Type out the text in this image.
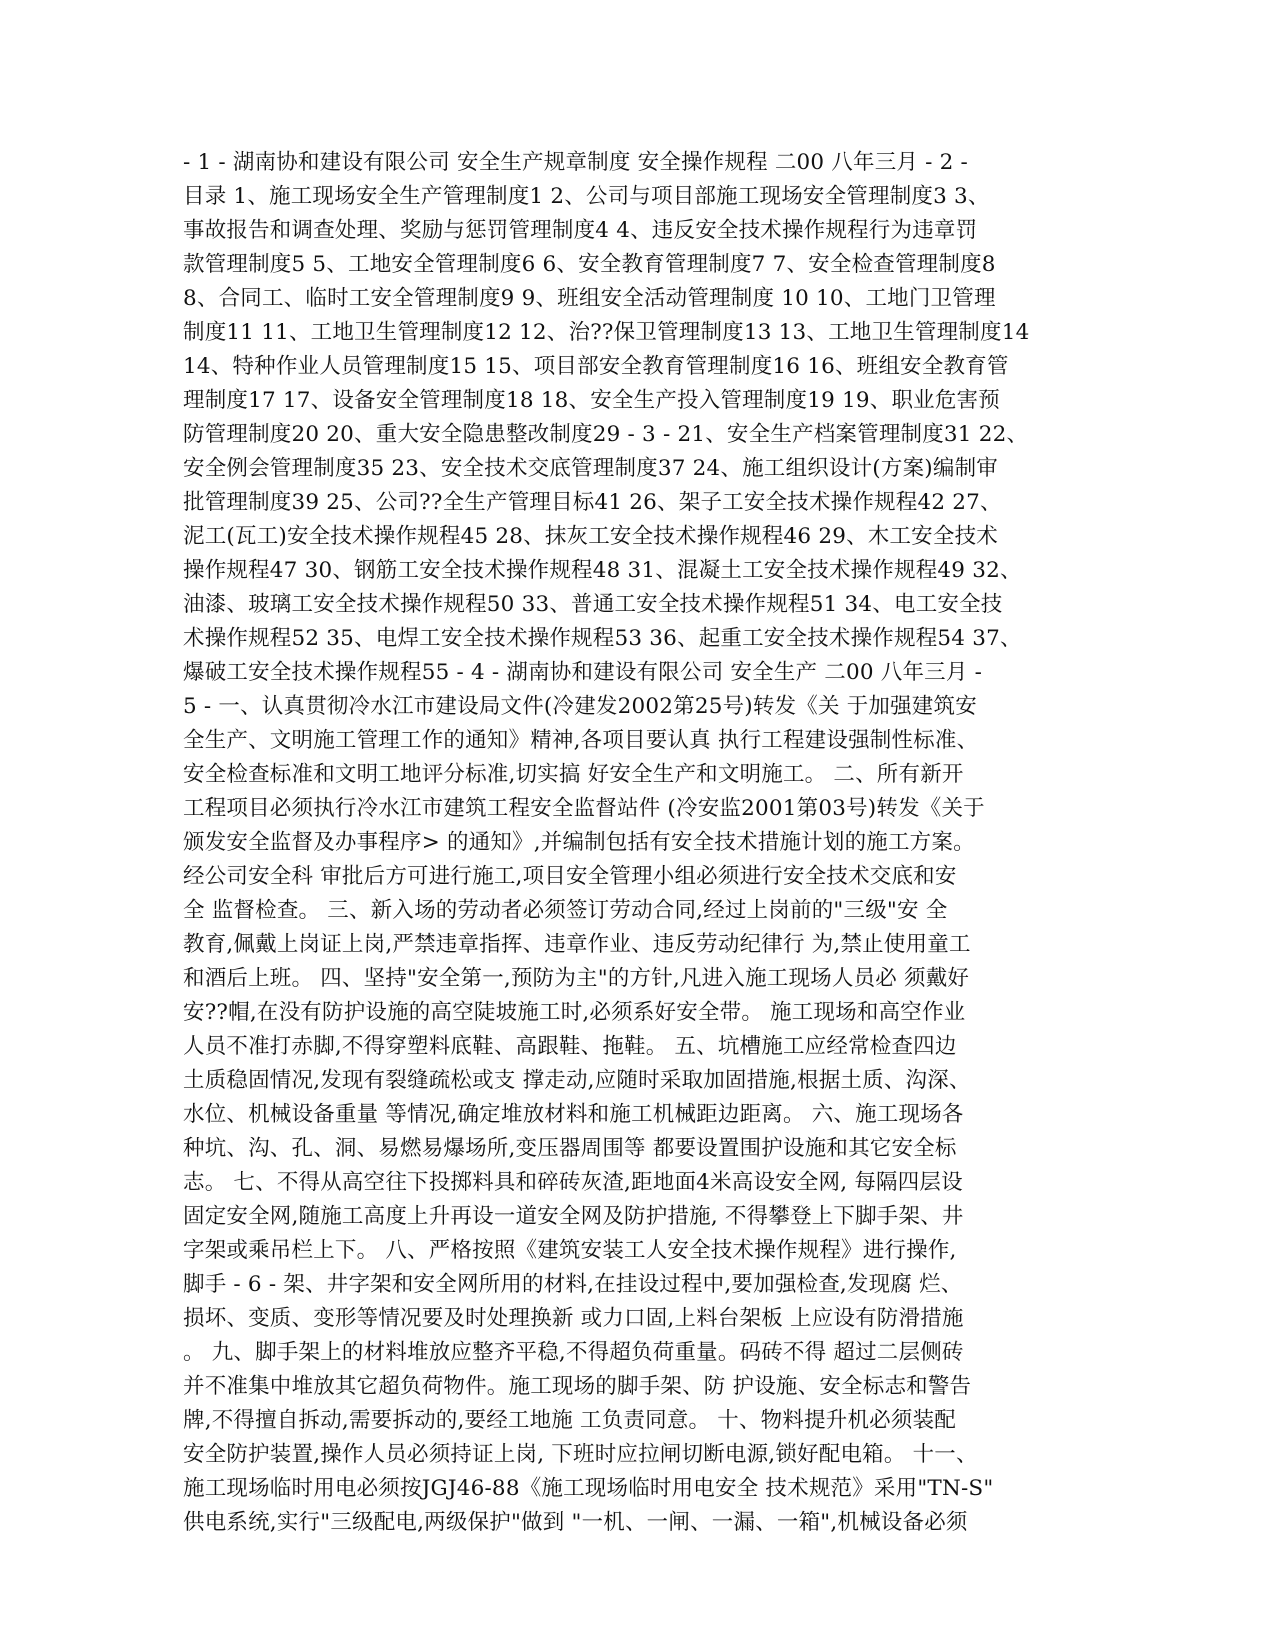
- 1 - 湖南协和建设有限公司 安全生产规章制度 安全操作规程 二00 八年三月 - 2 -
目录 1、施工现场安全生产管理制度1 2、公司与项目部施工现场安全管理制度3 3、
事故报告和调查处理、奖励与惩罚管理制度4 4、违反安全技术操作规程行为违章罚
款管理制度5 5、工地安全管理制度6 6、安全教育管理制度7 7、安全检查管理制度8
8、合同工、临时工安全管理制度9 9、班组安全活动管理制度 10 10、工地门卫管理
制度11 11、工地卫生管理制度12 12、治??保卫管理制度13 13、工地卫生管理制度14
14、特种作业人员管理制度15 15、项目部安全教育管理制度16 16、班组安全教育管
理制度17 17、设备安全管理制度18 18、安全生产投入管理制度19 19、职业危害预
防管理制度20 20、重大安全隐患整改制度29 - 3 - 21、安全生产档案管理制度31 22、
安全例会管理制度35 23、安全技术交底管理制度37 24、施工组织设计(方案)编制审
批管理制度39 25、公司??全生产管理目标41 26、架子工安全技术操作规程42 27、
泥工(瓦工)安全技术操作规程45 28、抹灰工安全技术操作规程46 29、木工安全技术
操作规程47 30、钢筋工安全技术操作规程48 31、混凝土工安全技术操作规程49 32、
油漆、玻璃工安全技术操作规程50 33、普通工安全技术操作规程51 34、电工安全技
术操作规程52 35、电焊工安全技术操作规程53 36、起重工安全技术操作规程54 37、
爆破工安全技术操作规程55 - 4 - 湖南协和建设有限公司 安全生产 二00 八年三月 -
5 - 一、认真贯彻冷水江市建设局文件(冷建发2002第25号)转发《关 于加强建筑安
全生产、文明施工管理工作的通知》精神,各项目要认真 执行工程建设强制性标准、
安全检查标准和文明工地评分标准,切实搞 好安全生产和文明施工。 二、所有新开
工程项目必须执行冷水江市建筑工程安全监督站件 (冷安监2001第03号)转发《关于
颁发安全监督及办事程序> 的通知》,并编制包括有安全技术措施计划的施工方案。
经公司安全科 审批后方可进行施工,项目安全管理小组必须进行安全技术交底和安
全 监督检查。 三、新入场的劳动者必须签订劳动合同,经过上岗前的"三级"安 全
教育,佩戴上岗证上岗,严禁违章指挥、违章作业、违反劳动纪律行 为,禁止使用童工
和酒后上班。 四、坚持"安全第一,预防为主"的方针,凡进入施工现场人员必 须戴好
安??帽,在没有防护设施的高空陡坡施工时,必须系好安全带。 施工现场和高空作业
人员不准打赤脚,不得穿塑料底鞋、高跟鞋、拖鞋。 五、坑槽施工应经常检查四边
土质稳固情况,发现有裂缝疏松或支 撑走动,应随时采取加固措施,根据土质、沟深、
水位、机械设备重量 等情况,确定堆放材料和施工机械距边距离。 六、施工现场各
种坑、沟、孔、洞、易燃易爆场所,变压器周围等 都要设置围护设施和其它安全标
志。 七、不得从高空往下投掷料具和碎砖灰渣,距地面4米高设安全网, 每隔四层设
固定安全网,随施工高度上升再设一道安全网及防护措施, 不得攀登上下脚手架、井
字架或乘吊栏上下。 八、严格按照《建筑安装工人安全技术操作规程》进行操作,
脚手 - 6 - 架、井字架和安全网所用的材料,在挂设过程中,要加强检查,发现腐 烂、
损坏、变质、变形等情况要及时处理换新 或力口固,上料台架板 上应设有防滑措施
。 九、脚手架上的材料堆放应整齐平稳,不得超负荷重量。码砖不得 超过二层侧砖
并不准集中堆放其它超负荷物件。施工现场的脚手架、防 护设施、安全标志和警告
牌,不得擅自拆动,需要拆动的,要经工地施 工负责同意。 十、物料提升机必须装配
安全防护装置,操作人员必须持证上岗, 下班时应拉闸切断电源,锁好配电箱。 十一、
施工现场临时用电必须按JGJ46-88《施工现场临时用电安全 技术规范》采用"TN-S"
供电系统,实行"三级配电,两级保护"做到 "一机、一闸、一漏、一箱",机械设备必须
